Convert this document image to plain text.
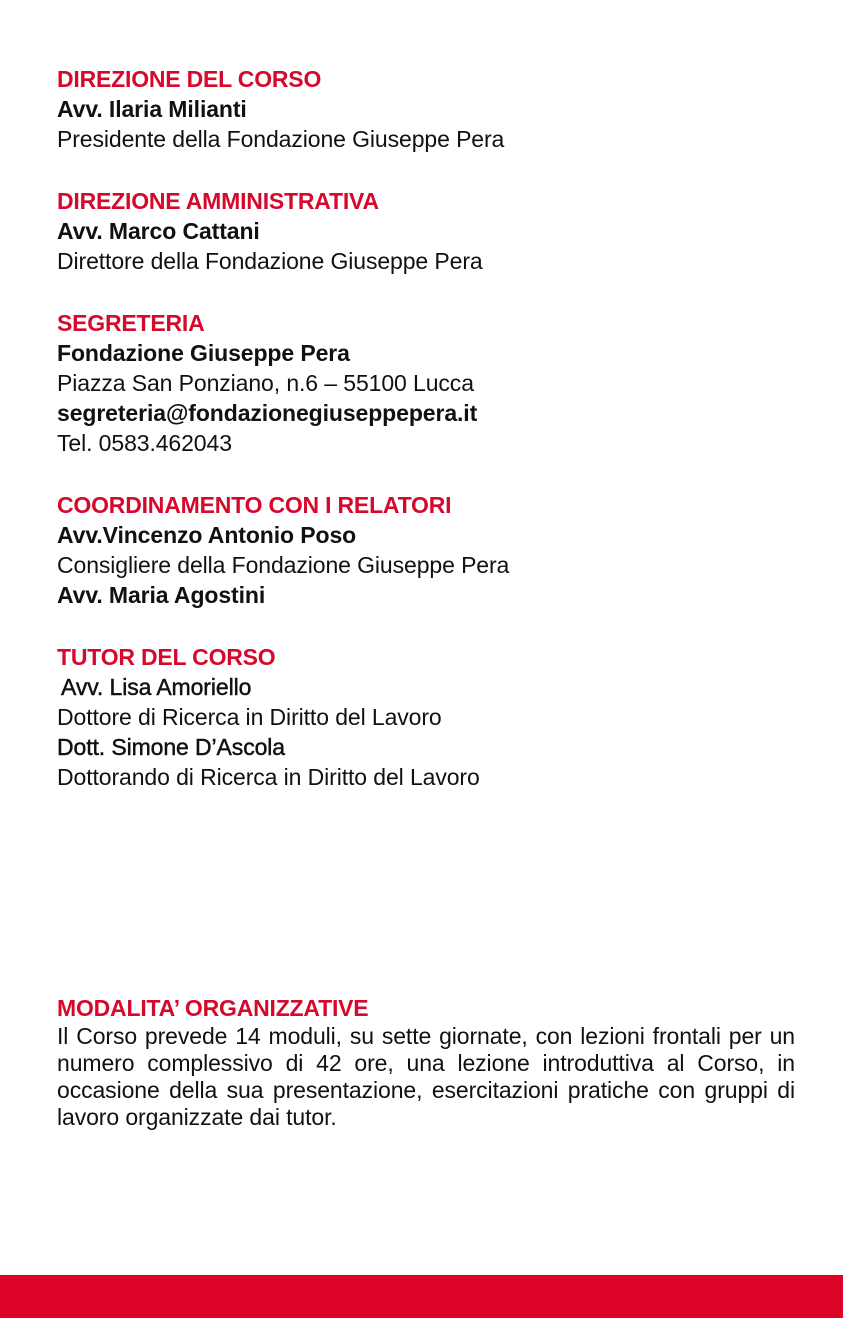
DIREZIONE DEL CORSO
Avv. Ilaria Milianti
Presidente della Fondazione Giuseppe Pera
DIREZIONE AMMINISTRATIVA
Avv. Marco Cattani
Direttore della Fondazione Giuseppe Pera
SEGRETERIA
Fondazione Giuseppe Pera
Piazza San Ponziano, n.6 – 55100 Lucca
segreteria@fondazionegiuseppepera.it
Tel. 0583.462043
COORDINAMENTO CON I RELATORI
Avv.Vincenzo Antonio Poso
Consigliere della Fondazione Giuseppe Pera
Avv. Maria Agostini
TUTOR DEL CORSO
Avv. Lisa Amoriello
Dottore di Ricerca in Diritto del Lavoro
Dott. Simone D’Ascola
Dottorando di Ricerca in Diritto del Lavoro
MODALITA’ ORGANIZZATIVE

Il Corso prevede 14 moduli, su sette giornate, con lezioni frontali per un numero complessivo di 42 ore, una lezione introduttiva al Corso, in occasione della sua presentazione, esercitazioni pratiche con gruppi di lavoro organizzate dai tutor.
